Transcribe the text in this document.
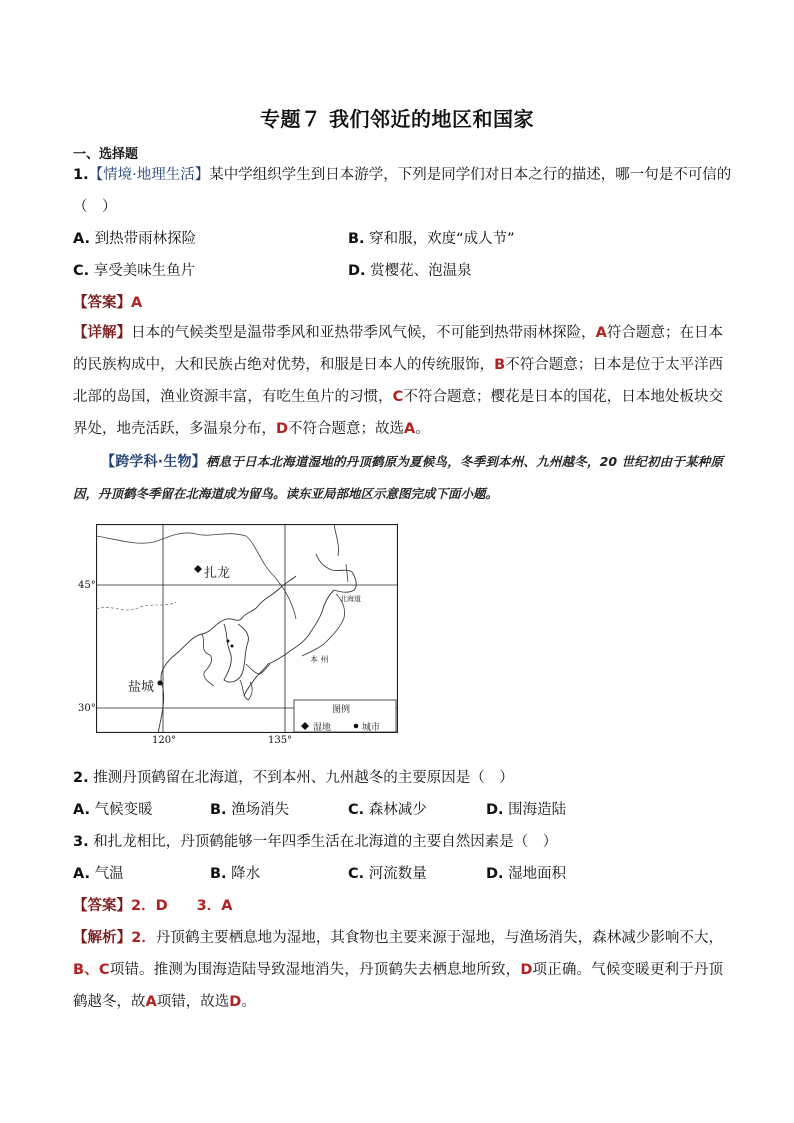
专题７ 我们邻近的地区和国家
一、选择题
1.【情境·地理生活】某中学组织学生到日本游学，下列是同学们对日本之行的描述，哪一句是不可信的
（　）
A. 到热带雨林探险	B. 穿和服，欢度“成人节”
C. 享受美味生鱼片	D. 赏樱花、泡温泉
【答案】A
【详解】日本的气候类型是温带季风和亚热带季风气候，不可能到热带雨林探险，A符合题意；在日本的民族构成中，大和民族占绝对优势，和服是日本人的传统服饰，B不符合题意；日本是位于太平洋西北部的岛国，渔业资源丰富，有吃生鱼片的习惯，C不符合题意；樱花是日本的国花，日本地处板块交界处，地壳活跃，多温泉分布，D不符合题意；故选A。
【跨学科·生物】栖息于日本北海道湿地的丹顶鹤原为夏候鸟，冬季到本州、九州越冬，20 世纪初由于某种原因，丹顶鹤冬季留在北海道成为留鸟。读东亚局部地区示意图完成下面小题。
扎龙
盐城
北海道
本 州
图例
湿地	城市
45°
30°
120°	135°
2. 推测丹顶鹤留在北海道，不到本州、九州越冬的主要原因是（　）
A. 气候变暖	B. 渔场消失	C. 森林减少	D. 围海造陆
3. 和扎龙相比，丹顶鹤能够一年四季生活在北海道的主要自然因素是（　）
A. 气温	B. 降水	C. 河流数量	D. 湿地面积
【答案】2．D　　3．A
【解析】2．丹顶鹤主要栖息地为湿地，其食物也主要来源于湿地，与渔场消失，森林减少影响不大，B、C项错。推测为围海造陆导致湿地消失，丹顶鹤失去栖息地所致，D项正确。气候变暖更利于丹顶鹤越冬，故A项错，故选D。
